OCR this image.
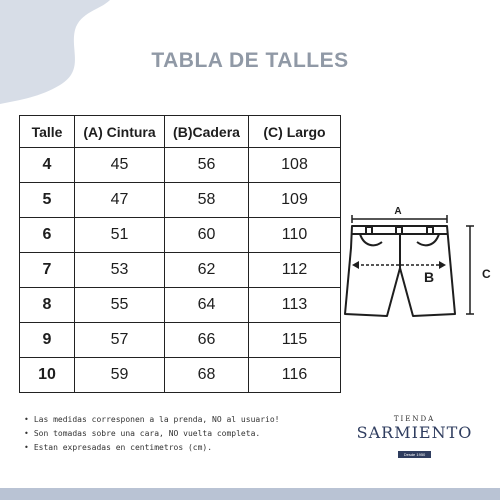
TABLA DE TALLES
Talle	(A) Cintura	(B)Cadera	(C) Largo
4	45	56	108
5	47	58	109
6	51	60	110
7	53	62	112
8	55	64	113
9	57	66	115
10	59	68	116
A
B	C
• Las medidas corresponen a la prenda, NO al usuario!
• Son tomadas sobre una cara, NO vuelta completa.
• Estan expresadas en centimetros (cm).
TIENDA
SARMIENTO
Desde 1950
